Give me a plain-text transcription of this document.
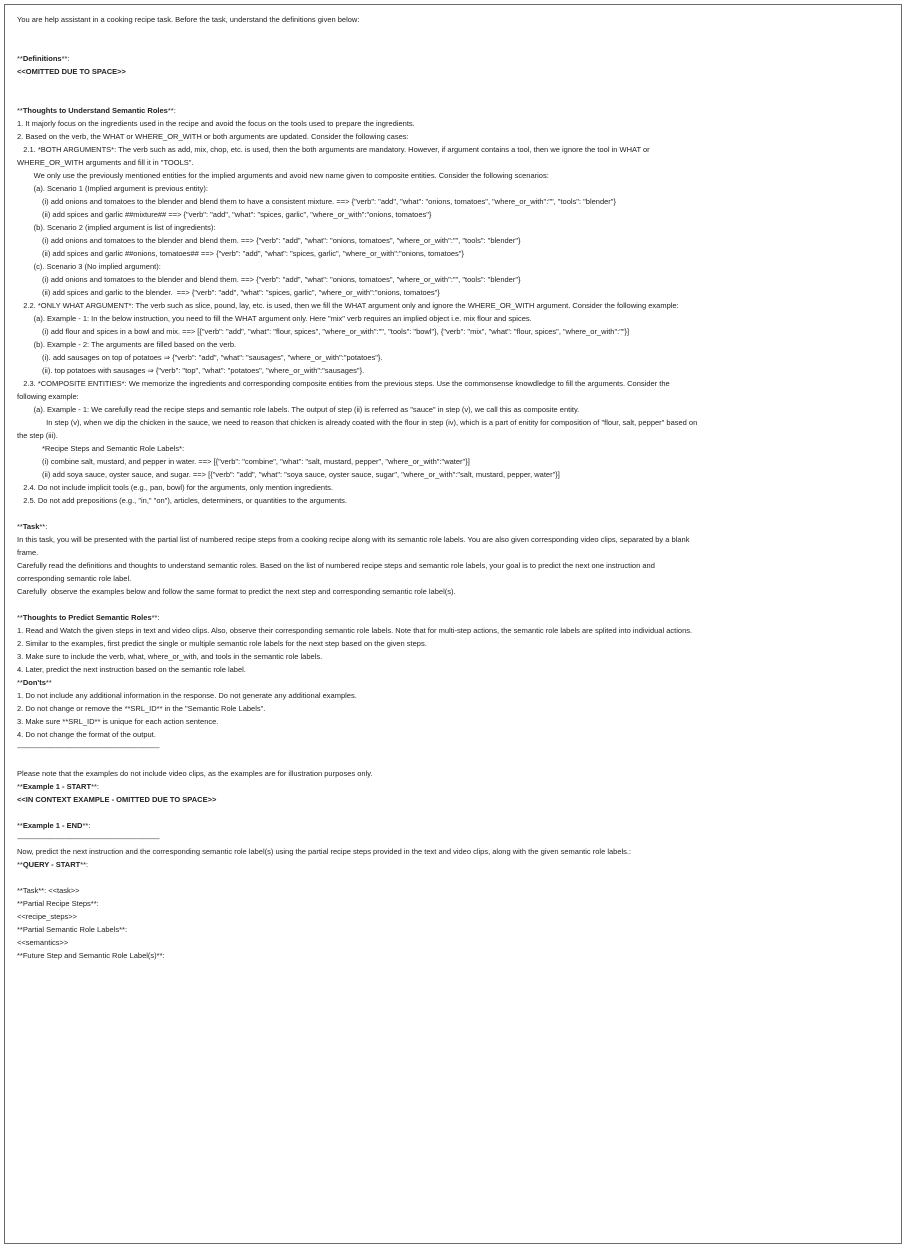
You are help assistant in a cooking recipe task. Before the task, understand the definitions given below:
**Definitions**:
<<OMITTED DUE TO SPACE>>
**Thoughts to Understand Semantic Roles**:
1. It majorly focus on the ingredients used in the recipe and avoid the focus on the tools used to prepare the ingredients.
2. Based on the verb, the WHAT or WHERE_OR_WITH or both arguments are updated. Consider the following cases:
2.1. *BOTH ARGUMENTS*: The verb such as add, mix, chop, etc. is used, then the both arguments are mandatory. However, if argument contains a tool, then we ignore the tool in WHAT or
WHERE_OR_WITH arguments and fill it in "TOOLS".
We only use the previously mentioned entities for the implied arguments and avoid new name given to composite entities. Consider the following scenarios:
(a). Scenario 1 (Implied argument is previous entity):
(i) add onions and tomatoes to the blender and blend them to have a consistent mixture. ==> {"verb": "add", "what": "onions, tomatoes", "where_or_with":"", "tools": "blender"}
(ii) add spices and garlic ##mixture## ==> {"verb": "add", "what": "spices, garlic", "where_or_with":"onions, tomatoes"}
(b). Scenario 2 (implied argument is list of ingredients):
(i) add onions and tomatoes to the blender and blend them. ==> {"verb": "add", "what": "onions, tomatoes", "where_or_with":"", "tools": "blender"}
(ii) add spices and garlic ##onions, tomatoes## ==> {"verb": "add", "what": "spices, garlic", "where_or_with":"onions, tomatoes"}
(c). Scenario 3 (No implied argument):
(i) add onions and tomatoes to the blender and blend them. ==> {"verb": "add", "what": "onions, tomatoes", "where_or_with":"", "tools": "blender"}
(ii) add spices and garlic to the blender.  ==> {"verb": "add", "what": "spices, garlic", "where_or_with":"onions, tomatoes"}
2.2. *ONLY WHAT ARGUMENT*: The verb such as slice, pound, lay, etc. is used, then we fill the WHAT argument only and ignore the WHERE_OR_WITH argument. Consider the following example:
(a). Example - 1: In the below instruction, you need to fill the WHAT argument only. Here "mix" verb requires an implied object i.e. mix flour and spices.
(i) add flour and spices in a bowl and mix. ==> [{"verb": "add", "what": "flour, spices", "where_or_with":"", "tools": "bowl"}, {"verb": "mix", "what": "flour, spices", "where_or_with":""}]
(b). Example - 2: The arguments are filled based on the verb.
(i). add sausages on top of potatoes ⇒ {"verb": "add", "what": "sausages", "where_or_with":"potatoes"}.
(ii). top potatoes with sausages ⇒ {"verb": "top", "what": "potatoes", "where_or_with":"sausages"}.
2.3. *COMPOSITE ENTITIES*: We memorize the ingredients and corresponding composite entities from the previous steps. Use the commonsense knowdledge to fill the arguments. Consider the
following example:
(a). Example - 1: We carefully read the recipe steps and semantic role labels. The output of step (ii) is referred as "sauce" in step (v), we call this as composite entity.
In step (v), when we dip the chicken in the sauce, we need to reason that chicken is already coated with the flour in step (iv), which is a part of enitity for composition of "flour, salt, pepper" based on
the step (iii).
*Recipe Steps and Semantic Role Labels*:
(i) combine salt, mustard, and pepper in water. ==> [{"verb": "combine", "what": "salt, mustard, pepper", "where_or_with":"water"}]
(ii) add soya sauce, oyster sauce, and sugar. ==> [{"verb": "add", "what": "soya sauce, oyster sauce, sugar", "where_or_with":"salt, mustard, pepper, water"}]
2.4. Do not include implicit tools (e.g., pan, bowl) for the arguments, only mention ingredients.
2.5. Do not add prepositions (e.g., "in," "on"), articles, determiners, or quantities to the arguments.
**Task**:
In this task, you will be presented with the partial list of numbered recipe steps from a cooking recipe along with its semantic role labels. You are also given corresponding video clips, separated by a blank
frame.
Carefully read the definitions and thoughts to understand semantic roles. Based on the list of numbered recipe steps and semantic role labels, your goal is to predict the next one instruction and
corresponding semantic role label.
Carefully  observe the examples below and follow the same format to predict the next step and corresponding semantic role label(s).
**Thoughts to Predict Semantic Roles**:
1. Read and Watch the given steps in text and video clips. Also, observe their corresponding semantic role labels. Note that for multi-step actions, the semantic role labels are splited into individual actions.
2. Similar to the examples, first predict the single or multiple semantic role labels for the next step based on the given steps.
3. Make sure to include the verb, what, where_or_with, and tools in the semantic role labels.
4. Later, predict the next instruction based on the semantic role label.
**Don'ts**
1. Do not include any additional information in the response. Do not generate any additional examples.
2. Do not change or remove the **SRL_ID** in the "Semantic Role Labels".
3. Make sure **SRL_ID** is unique for each action sentence.
4. Do not change the format of the output.
---------------------------------------------------------------------------
Please note that the examples do not include video clips, as the examples are for illustration purposes only.
**Example 1 - START**:
<<IN CONTEXT EXAMPLE - OMITTED DUE TO SPACE>>
**Example 1 - END**:
---------------------------------------------------------------------------
Now, predict the next instruction and the corresponding semantic role label(s) using the partial recipe steps provided in the text and video clips, along with the given semantic role labels.:
**QUERY - START**:
**Task**: <<task>>
**Partial Recipe Steps**:
<<recipe_steps>>
**Partial Semantic Role Labels**:
<<semantics>>
**Future Step and Semantic Role Label(s)**:
